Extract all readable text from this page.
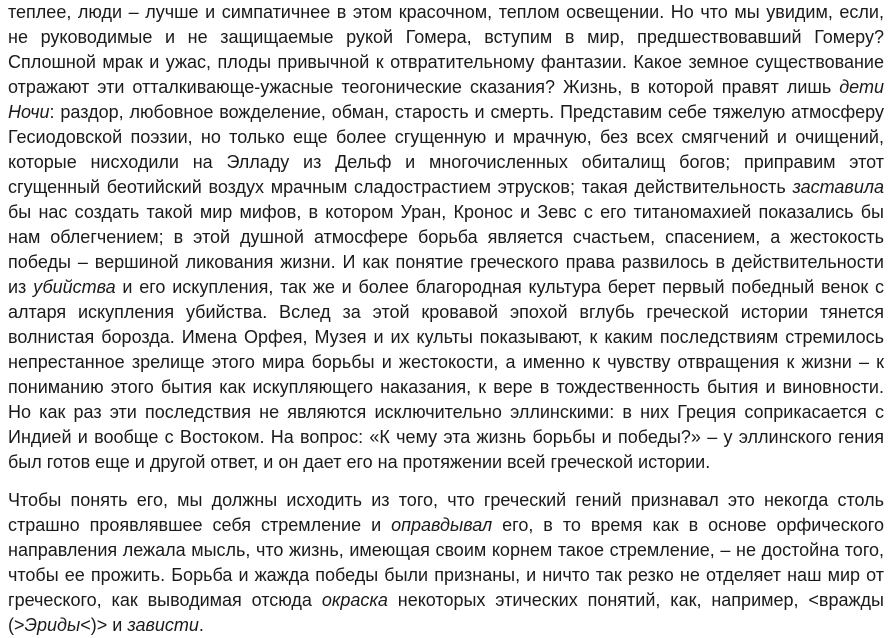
теплее, люди – лучше и симпатичнее в этом красочном, теплом освещении. Но что мы увидим, если, не руководимые и не защищаемые рукой Гомера, вступим в мир, предшествовавший Гомеру? Сплошной мрак и ужас, плоды привычной к отвратительному фантазии. Какое земное существование отражают эти отталкивающе-ужасные теогонические сказания? Жизнь, в которой правят лишь дети Ночи: раздор, любовное вожделение, обман, старость и смерть. Представим себе тяжелую атмосферу Гесиодовской поэзии, но только еще более сгущенную и мрачную, без всех смягчений и очищений, которые нисходили на Элладу из Дельф и многочисленных обиталищ богов; приправим этот сгущенный беотийский воздух мрачным сладострастием этрусков; такая действительность заставила бы нас создать такой мир мифов, в котором Уран, Кронос и Зевс с его титаномахией показались бы нам облегчением; в этой душной атмосфере борьба является счастьем, спасением, а жестокость победы – вершиной ликования жизни. И как понятие греческого права развилось в действительности из убийства и его искупления, так же и более благородная культура берет первый победный венок с алтаря искупления убийства. Вслед за этой кровавой эпохой вглубь греческой истории тянется волнистая борозда. Имена Орфея, Музея и их культы показывают, к каким последствиям стремилось непрестанное зрелище этого мира борьбы и жестокости, а именно к чувству отвращения к жизни – к пониманию этого бытия как искупляющего наказания, к вере в тождественность бытия и виновности. Но как раз эти последствия не являются исключительно эллинскими: в них Греция соприкасается с Индией и вообще с Востоком. На вопрос: «К чему эта жизнь борьбы и победы?» – у эллинского гения был готов еще и другой ответ, и он дает его на протяжении всей греческой истории.

Чтобы понять его, мы должны исходить из того, что греческий гений признавал это некогда столь страшно проявлявшее себя стремление и оправдывал его, в то время как в основе орфического направления лежала мысль, что жизнь, имеющая своим корнем такое стремление, – не достойна того, чтобы ее прожить. Борьба и жажда победы были признаны, и ничто так резко не отделяет наш мир от греческого, как выводимая отсюда окраска некоторых этических понятий, как, например, <вражды (>Эриды<)> и зависти.
